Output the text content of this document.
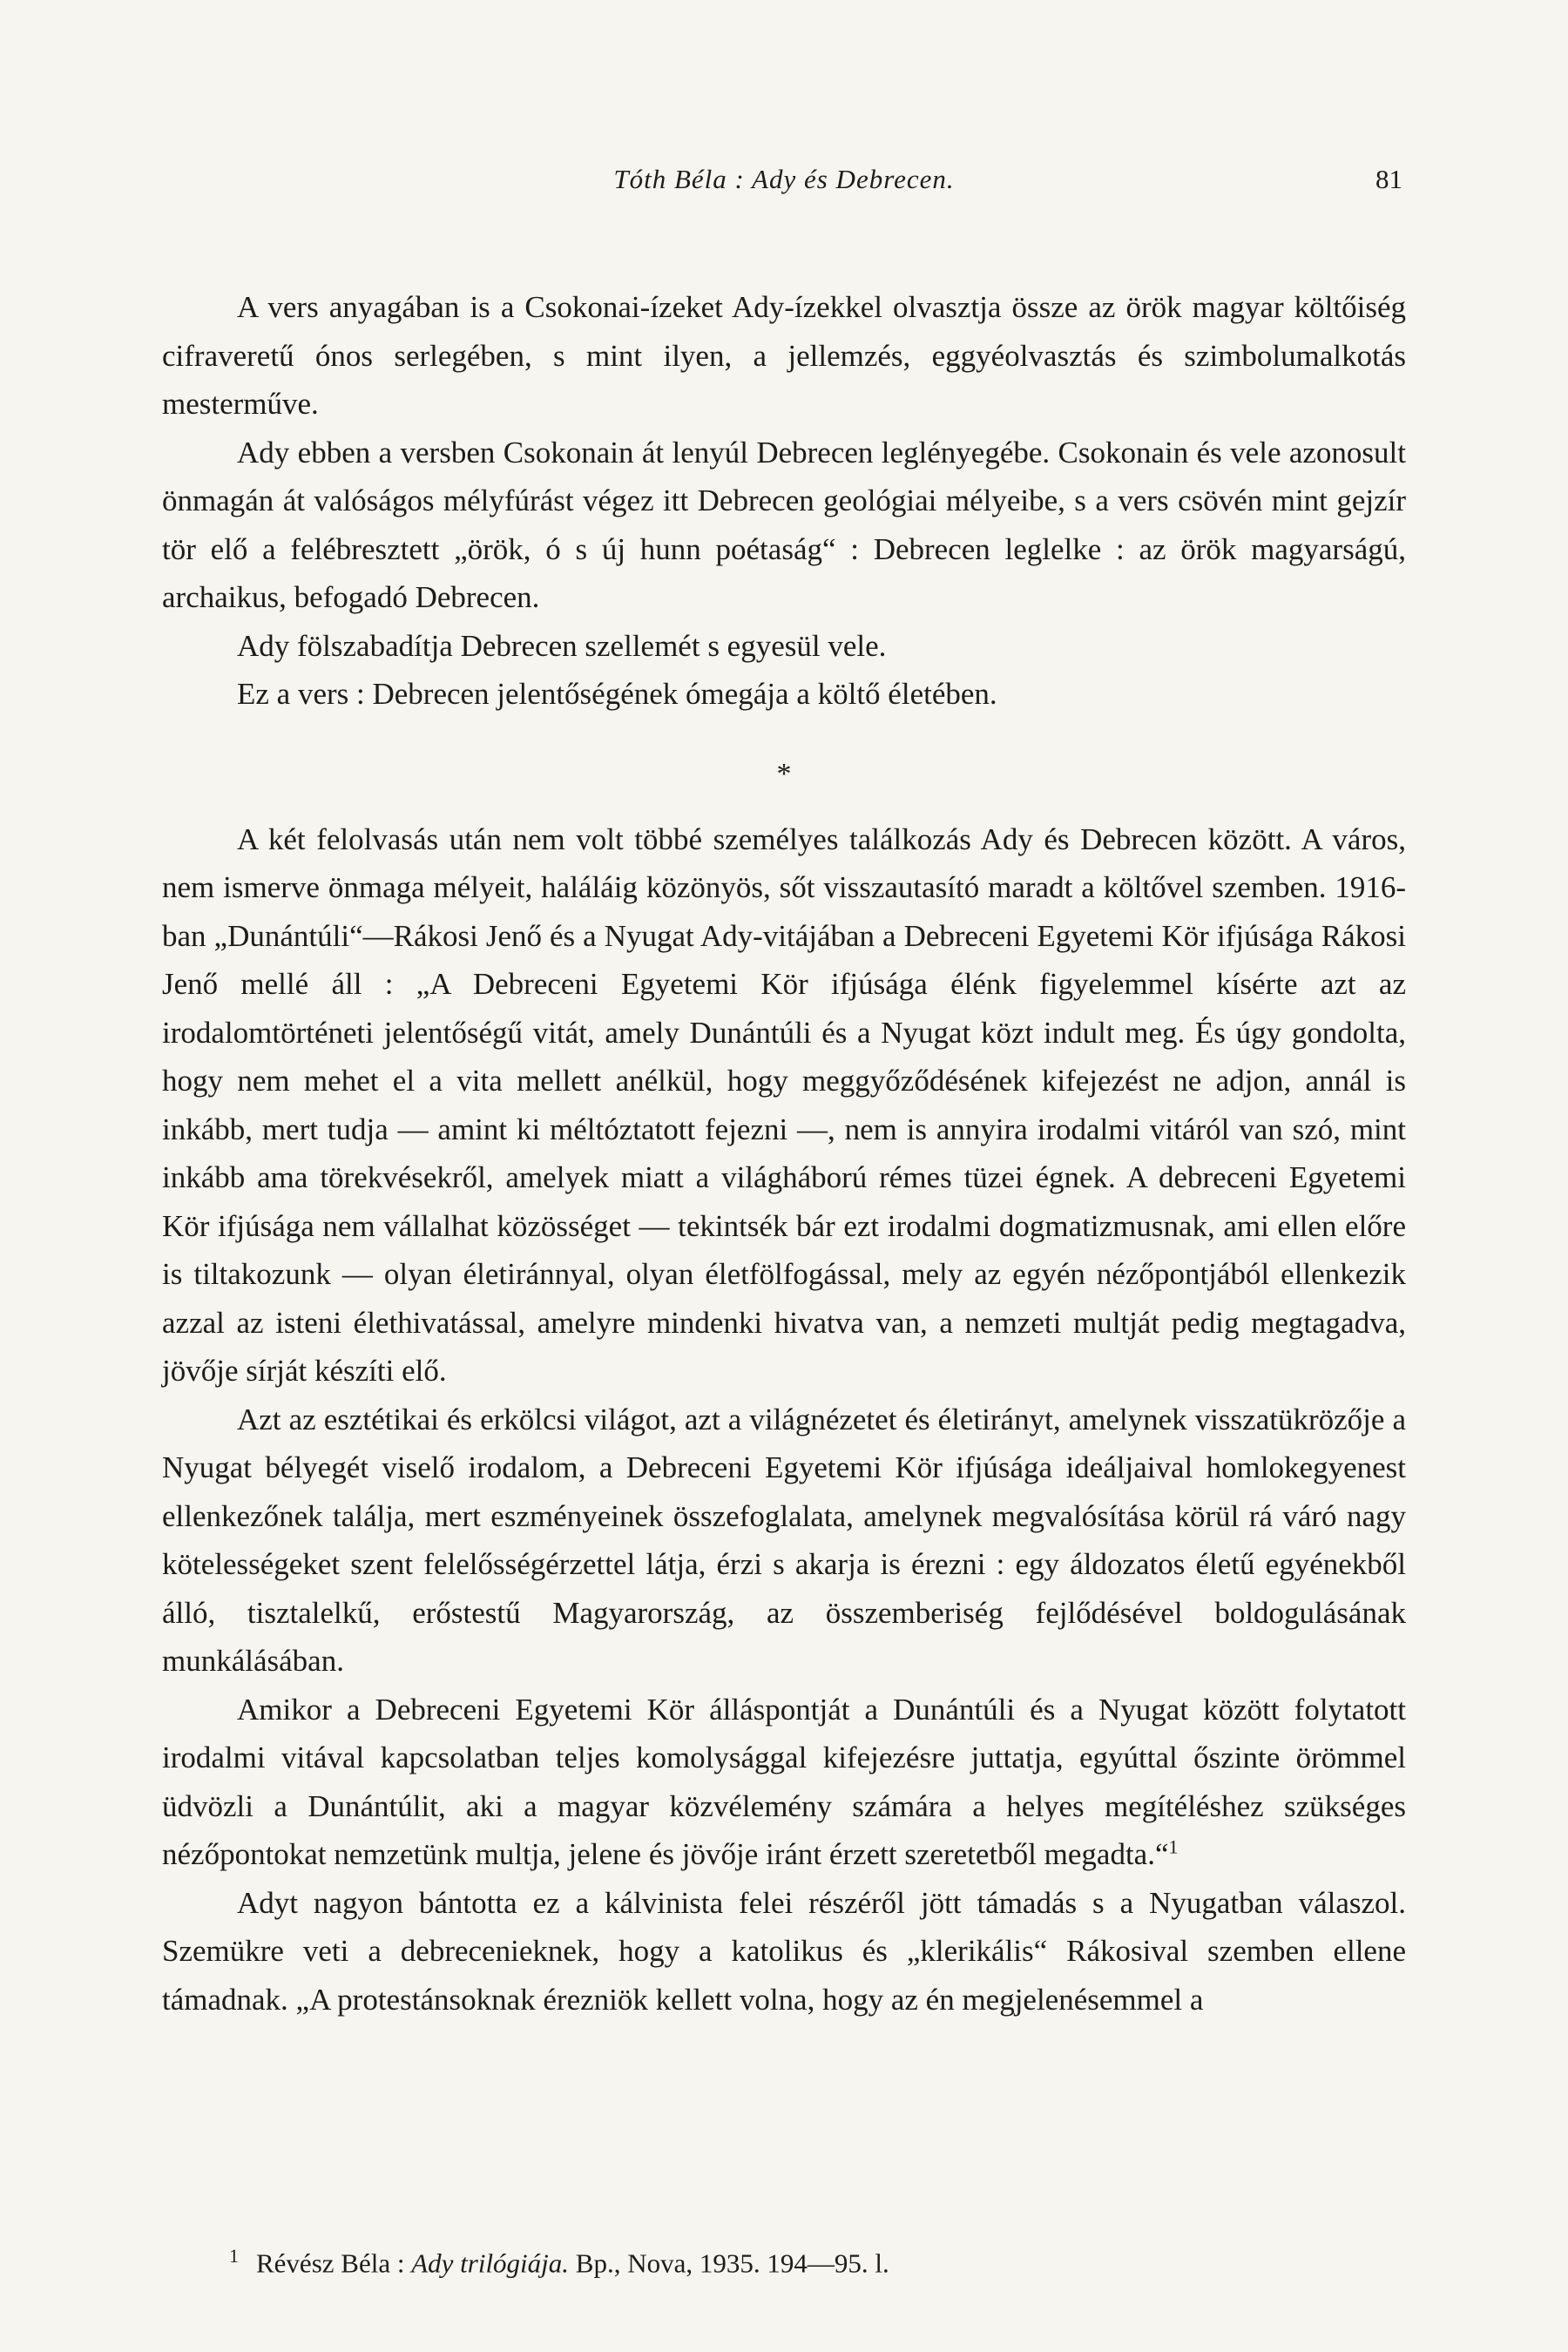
Tóth Béla : Ady és Debrecen.	81

A vers anyagában is a Csokonai-ízeket Ady-ízekkel olvasztja össze az örök magyar költőiség cifraveretű ónos serlegében, s mint ilyen, a jellemzés, eggyéolvasztás és szimbolumalkotás mesterműve.

Ady ebben a versben Csokonain át lenyúl Debrecen leglényegébe. Csokonain és vele azonosult önmagán át valóságos mélyfúrást végez itt Debrecen geológiai mélyeibe, s a vers csövén mint gejzír tör elő a felébresztett „örök, ó s új hunn poétaság“ : Debrecen leglelke : az örök magyarságú, archaikus, befogadó Debrecen.

Ady fölszabadítja Debrecen szellemét s egyesül vele.

Ez a vers : Debrecen jelentőségének ómegája a költő életében.

*

A két felolvasás után nem volt többé személyes találkozás Ady és Debrecen között. A város, nem ismerve önmaga mélyeit, haláláig közönyös, sőt visszautasító maradt a költővel szemben. 1916-ban „Dunántúli“—Rákosi Jenő és a Nyugat Ady-vitájában a Debreceni Egyetemi Kör ifjúsága Rákosi Jenő mellé áll : „A Debreceni Egyetemi Kör ifjúsága élénk figyelemmel kísérte azt az irodalomtörténeti jelentőségű vitát, amely Dunántúli és a Nyugat közt indult meg. És úgy gondolta, hogy nem mehet el a vita mellett anélkül, hogy meggyőződésének kifejezést ne adjon, annál is inkább, mert tudja — amint ki méltóztatott fejezni —, nem is annyira irodalmi vitáról van szó, mint inkább ama törekvésekről, amelyek miatt a világháború rémes tüzei égnek. A debreceni Egyetemi Kör ifjúsága nem vállalhat közösséget — tekintsék bár ezt irodalmi dogmatizmusnak, ami ellen előre is tiltakozunk — olyan életiránnyal, olyan életfölfogással, mely az egyén nézőpontjából ellenkezik azzal az isteni élethivatással, amelyre mindenki hivatva van, a nemzeti multját pedig megtagadva, jövője sírját készíti elő.

Azt az esztétikai és erkölcsi világot, azt a világnézetet és életirányt, amelynek visszatükrözője a Nyugat bélyegét viselő irodalom, a Debreceni Egyetemi Kör ifjúsága ideáljaival homlokegyenest ellenkezőnek találja, mert eszményeinek összefoglalata, amelynek megvalósítása körül rá váró nagy kötelességeket szent felelősségérzettel látja, érzi s akarja is érezni : egy áldozatos életű egyénekből álló, tisztalelkű, erőstestű Magyarország, az összemberiség fejlődésével boldogulásának munkálásában.

Amikor a Debreceni Egyetemi Kör álláspontját a Dunántúli és a Nyugat között folytatott irodalmi vitával kapcsolatban teljes komolysággal kifejezésre juttatja, egyúttal őszinte örömmel üdvözli a Dunántúlit, aki a magyar közvélemény számára a helyes megítéléshez szükséges nézőpontokat nemzetünk multja, jelene és jövője iránt érzett szeretetből megadta.“$^1$

Adyt nagyon bántotta ez a kálvinista felei részéről jött támadás s a Nyugatban válaszol. Szemükre veti a debrecenieknek, hogy a katolikus és „klerikális“ Rákosival szemben ellene támadnak. „A protestánsoknak érezniök kellett volna, hogy az én megjelenésemmel a

$^1$ Révész Béla : Ady trilógiája. Bp., Nova, 1935. 194—95. l.
